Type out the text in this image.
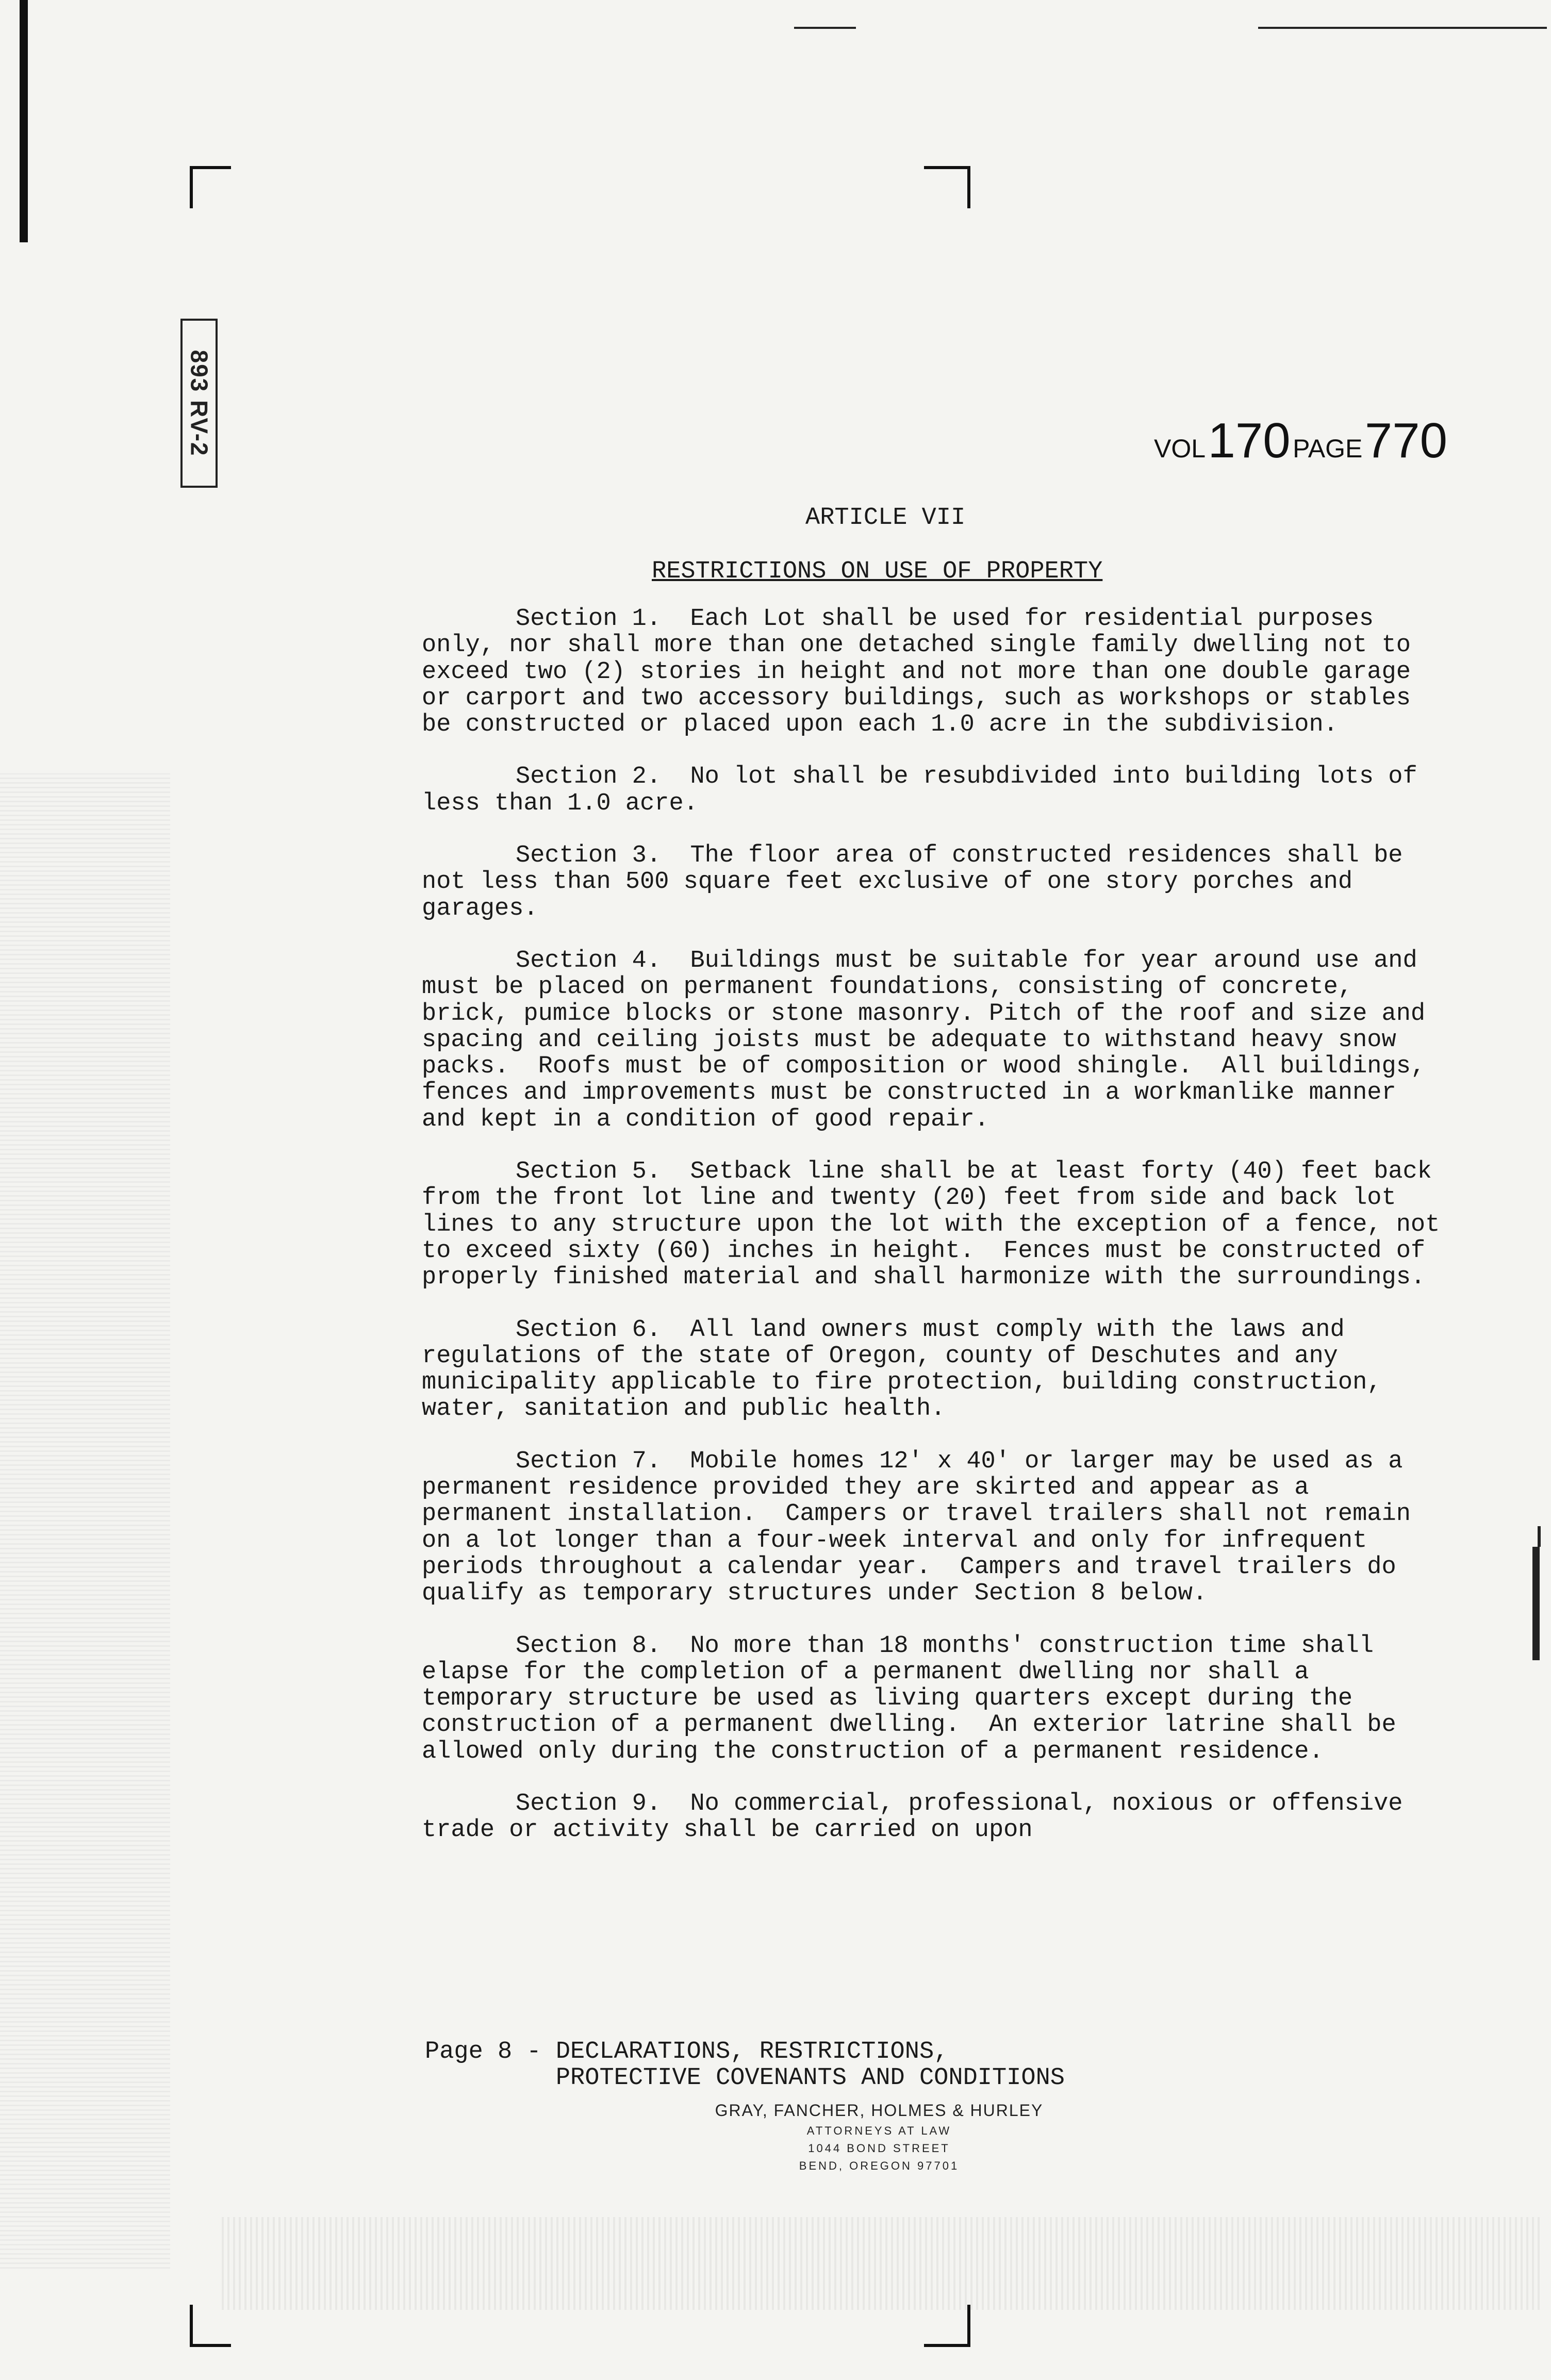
893 RV-2	VOL 170 PAGE 770
ARTICLE VII
RESTRICTIONS ON USE OF PROPERTY

Section 1.  Each Lot shall be used for residential purposes only, nor shall more than one detached single family dwelling not to exceed two (2) stories in height and not more than one double garage or carport and two accessory buildings, such as workshops or stables be constructed or placed upon each 1.0 acre in the subdivision.

Section 2.  No lot shall be resubdivided into building lots of less than 1.0 acre.

Section 3.  The floor area of constructed residences shall be not less than 500 square feet exclusive of one story porches and garages.

Section 4.  Buildings must be suitable for year around use and must be placed on permanent foundations, consisting of concrete, brick, pumice blocks or stone masonry. Pitch of the roof and size and spacing and ceiling joists must be adequate to withstand heavy snow packs.  Roofs must be of composition or wood shingle.  All buildings, fences and improvements must be constructed in a workmanlike manner and kept in a condition of good repair.

Section 5.  Setback line shall be at least forty (40) feet back from the front lot line and twenty (20) feet from side and back lot lines to any structure upon the lot with the exception of a fence, not to exceed sixty (60) inches in height.  Fences must be constructed of properly finished material and shall harmonize with the surroundings.

Section 6.  All land owners must comply with the laws and regulations of the state of Oregon, county of Deschutes and any municipality applicable to fire protection, building construction, water, sanitation and public health.

Section 7.  Mobile homes 12' x 40' or larger may be used as a permanent residence provided they are skirted and appear as a permanent installation.  Campers or travel trailers shall not remain on a lot longer than a four-week interval and only for infrequent periods throughout a calendar year.  Campers and travel trailers do qualify as temporary structures under Section 8 below.

Section 8.  No more than 18 months' construction time shall elapse for the completion of a permanent dwelling nor shall a temporary structure be used as living quarters except during the construction of a permanent dwelling.  An exterior latrine shall be allowed only during the construction of a permanent residence.

Section 9.  No commercial, professional, noxious or offensive trade or activity shall be carried on upon

Page 8 - DECLARATIONS, RESTRICTIONS,
PROTECTIVE COVENANTS AND CONDITIONS
GRAY, FANCHER, HOLMES & HURLEY
ATTORNEYS AT LAW
1044 BOND STREET
BEND, OREGON 97701
